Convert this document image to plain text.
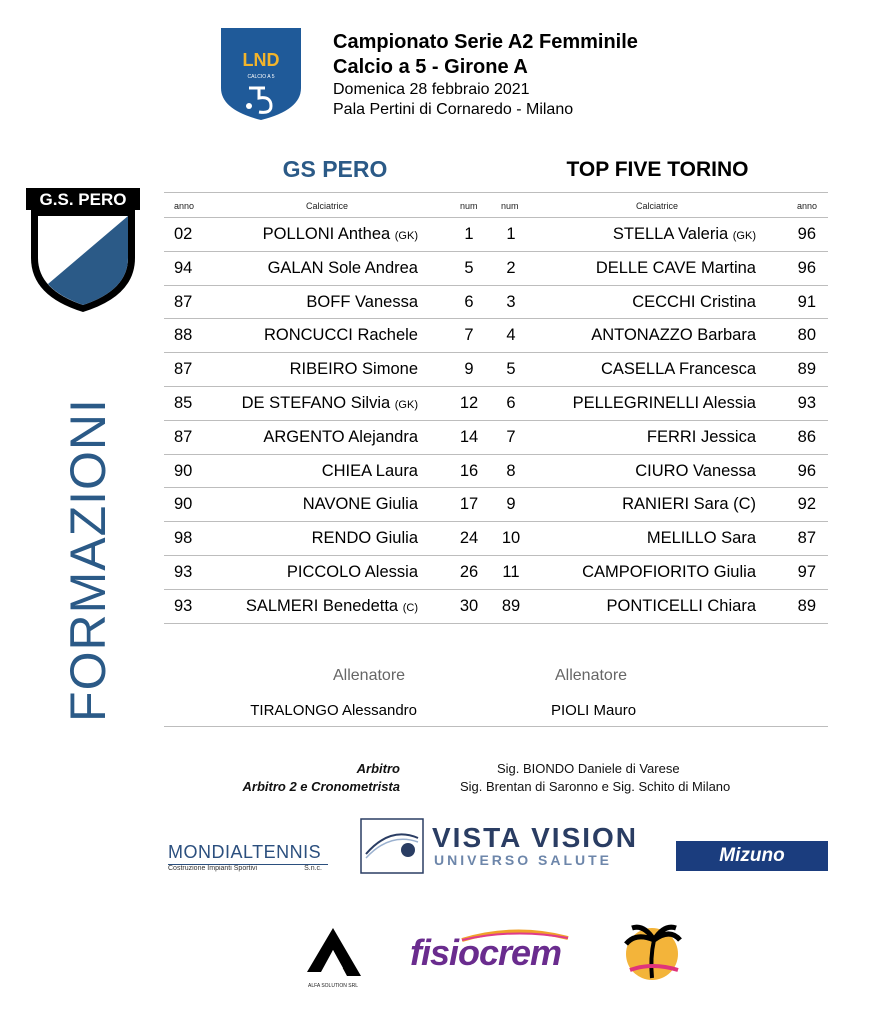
LND
CALCIO A 5
Campionato Serie A2 Femminile
Calcio a 5 - Girone A
Domenica 28 febbraio 2021
Pala Pertini di Cornaredo - Milano
FORMAZIONI
G.S. PERO
GS PERO	TOP FIVE TORINO
anno	Calciatrice	num	num	Calciatrice	anno
02	POLLONI Anthea (GK)	1	1	STELLA Valeria (GK)	96
94	GALAN Sole Andrea	5	2	DELLE CAVE Martina	96
87	BOFF Vanessa	6	3	CECCHI Cristina	91
88	RONCUCCI Rachele	7	4	ANTONAZZO Barbara	80
87	RIBEIRO Simone	9	5	CASELLA Francesca	89
85	DE STEFANO Silvia (GK)	12	6	PELLEGRINELLI Alessia	93
87	ARGENTO Alejandra	14	7	FERRI Jessica	86
90	CHIEA Laura	16	8	CIURO Vanessa	96
90	NAVONE Giulia	17	9	RANIERI Sara (C)	92
98	RENDO Giulia	24	10	MELILLO Sara	87
93	PICCOLO Alessia	26	11	CAMPOFIORITO Giulia	97
93	SALMERI Benedetta (C)	30	89	PONTICELLI Chiara	89
Allenatore	Allenatore
TIRALONGO Alessandro	PIOLI Mauro
Arbitro	Sig. BIONDO Daniele di Varese
Arbitro 2 e Cronometrista	Sig. Brentan di Saronno e Sig. Schito di Milano
MONDIALTENNIS
Costruzione Impianti Sportivi	S.n.c.
VISTA VISION
UNIVERSO SALUTE	Mizuno
ALFA SOLUTION SRL
fisiocrem
